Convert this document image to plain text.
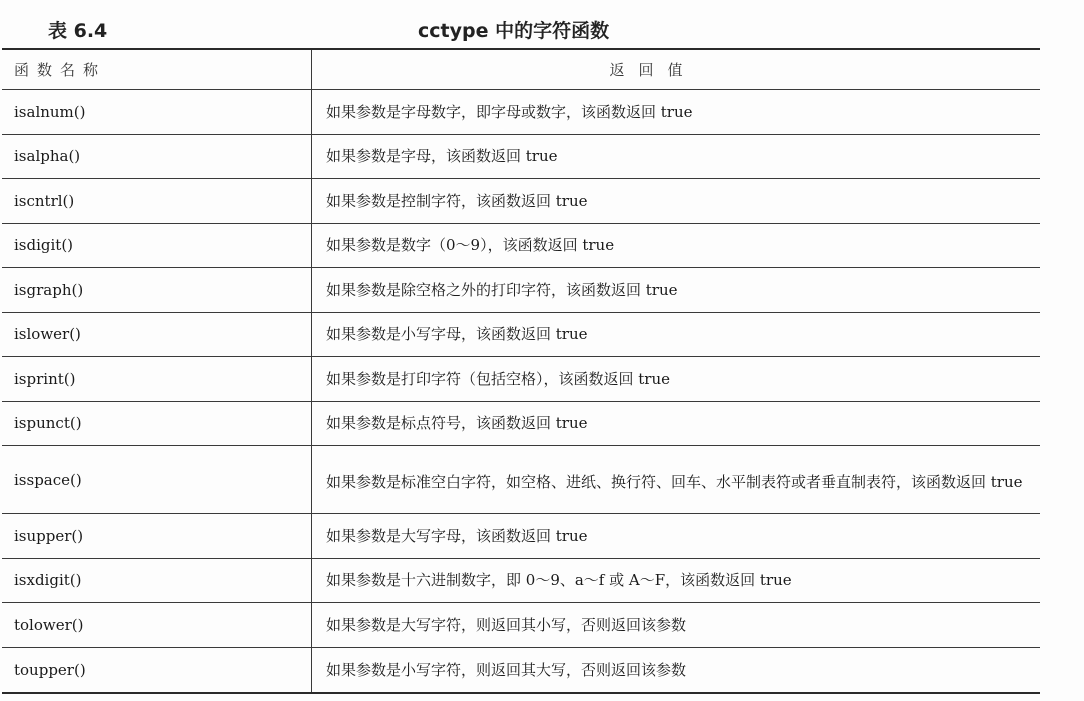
表 6.4	cctype 中的字符函数
函数名称	返回值
isalnum()	如果参数是字母数字，即字母或数字，该函数返回 true
isalpha()	如果参数是字母，该函数返回 true
iscntrl()	如果参数是控制字符，该函数返回 true
isdigit()	如果参数是数字（0～9），该函数返回 true
isgraph()	如果参数是除空格之外的打印字符，该函数返回 true
islower()	如果参数是小写字母，该函数返回 true
isprint()	如果参数是打印字符（包括空格），该函数返回 true
ispunct()	如果参数是标点符号，该函数返回 true
isspace()	如果参数是标准空白字符，如空格、进纸、换行符、回车、水平制表符或者垂直制表符，该函数返回 true
isupper()	如果参数是大写字母，该函数返回 true
isxdigit()	如果参数是十六进制数字，即 0～9、a～f 或 A～F，该函数返回 true
tolower()	如果参数是大写字符，则返回其小写，否则返回该参数
toupper()	如果参数是小写字符，则返回其大写，否则返回该参数
